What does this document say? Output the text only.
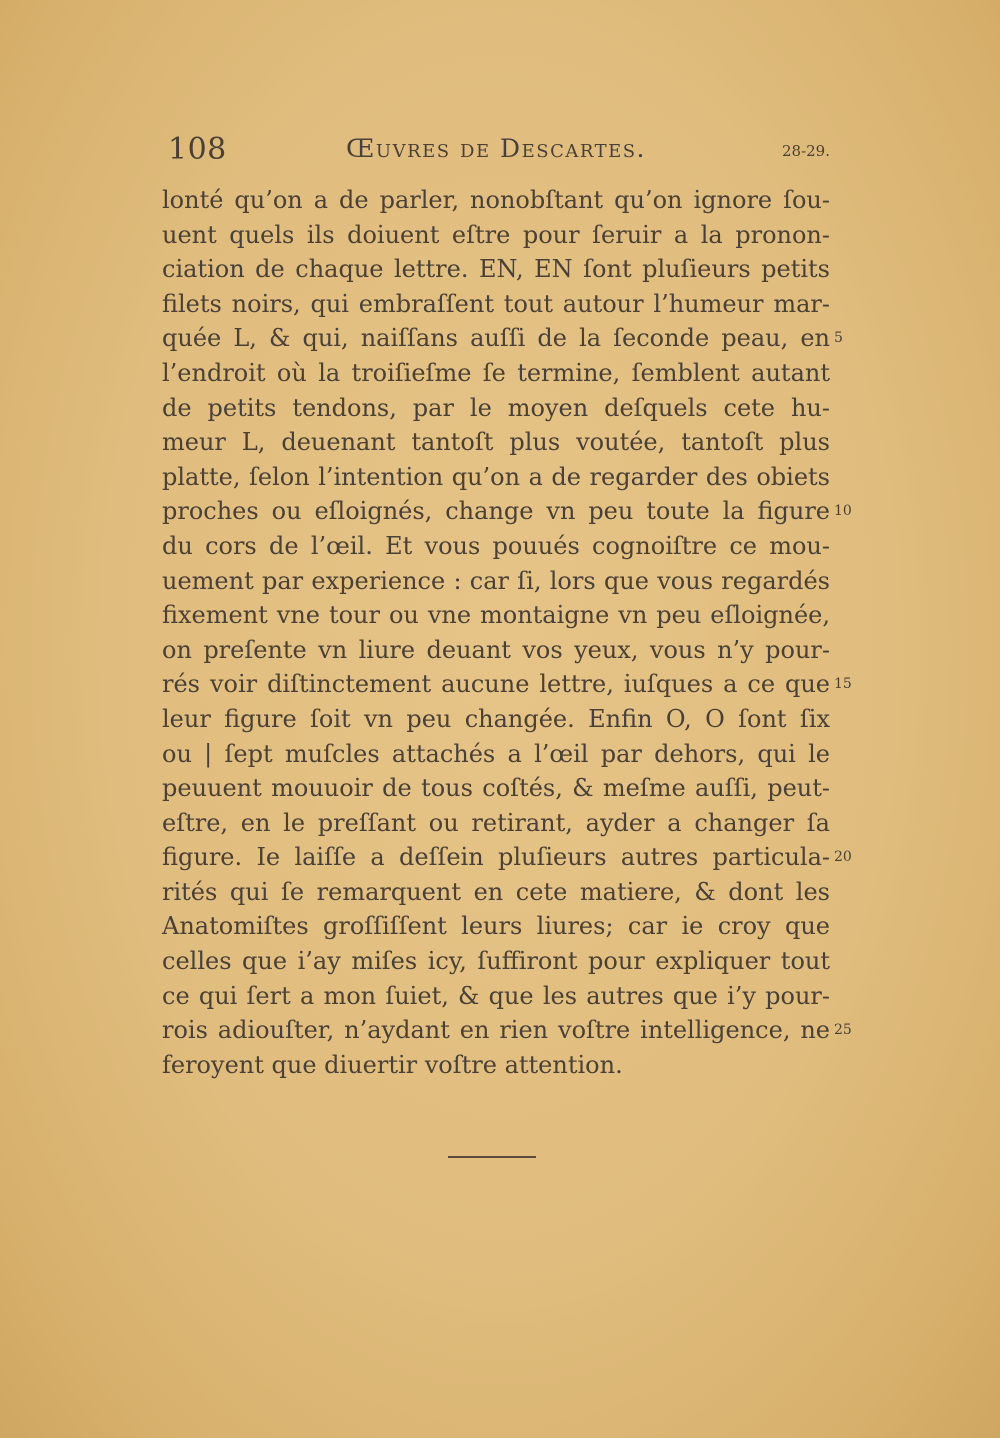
108	Œuvres de Descartes.	28-29.
lonté qu’on a de parler, nonobſtant qu’on ignore ſou-
uent quels ils doiuent eſtre pour ſeruir a la pronon-
ciation de chaque lettre. EN, EN ſont pluſieurs petits
filets noirs, qui embraſſent tout autour l’humeur mar-
quée L, & qui, naiſſans auſſi de la ſeconde peau, en 5
l’endroit où la troiſieſme ſe termine, ſemblent autant
de petits tendons, par le moyen deſquels cete hu-
meur L, deuenant tantoſt plus voutée, tantoſt plus
platte, ſelon l’intention qu’on a de regarder des obiets
proches ou eſloignés, change vn peu toute la figure 10
du cors de l’œil. Et vous pouués cognoiſtre ce mou-
uement par experience : car ſi, lors que vous regardés
fixement vne tour ou vne montaigne vn peu eſloignée,
on preſente vn liure deuant vos yeux, vous n’y pour-
rés voir diſtinctement aucune lettre, iuſques a ce que 15
leur figure ſoit vn peu changée. Enfin O, O ſont ſix
ou | ſept muſcles attachés a l’œil par dehors, qui le
peuuent mouuoir de tous coſtés, & meſme auſſi, peut-
eſtre, en le preſſant ou retirant, ayder a changer ſa
figure. Ie laiſſe a deſſein pluſieurs autres particula- 20
rités qui ſe remarquent en cete matiere, & dont les
Anatomiſtes groſſiſſent leurs liures; car ie croy que
celles que i’ay miſes icy, ſuffiront pour expliquer tout
ce qui ſert a mon ſuiet, & que les autres que i’y pour-
rois adiouſter, n’aydant en rien voſtre intelligence, ne 25
feroyent que diuertir voſtre attention.
